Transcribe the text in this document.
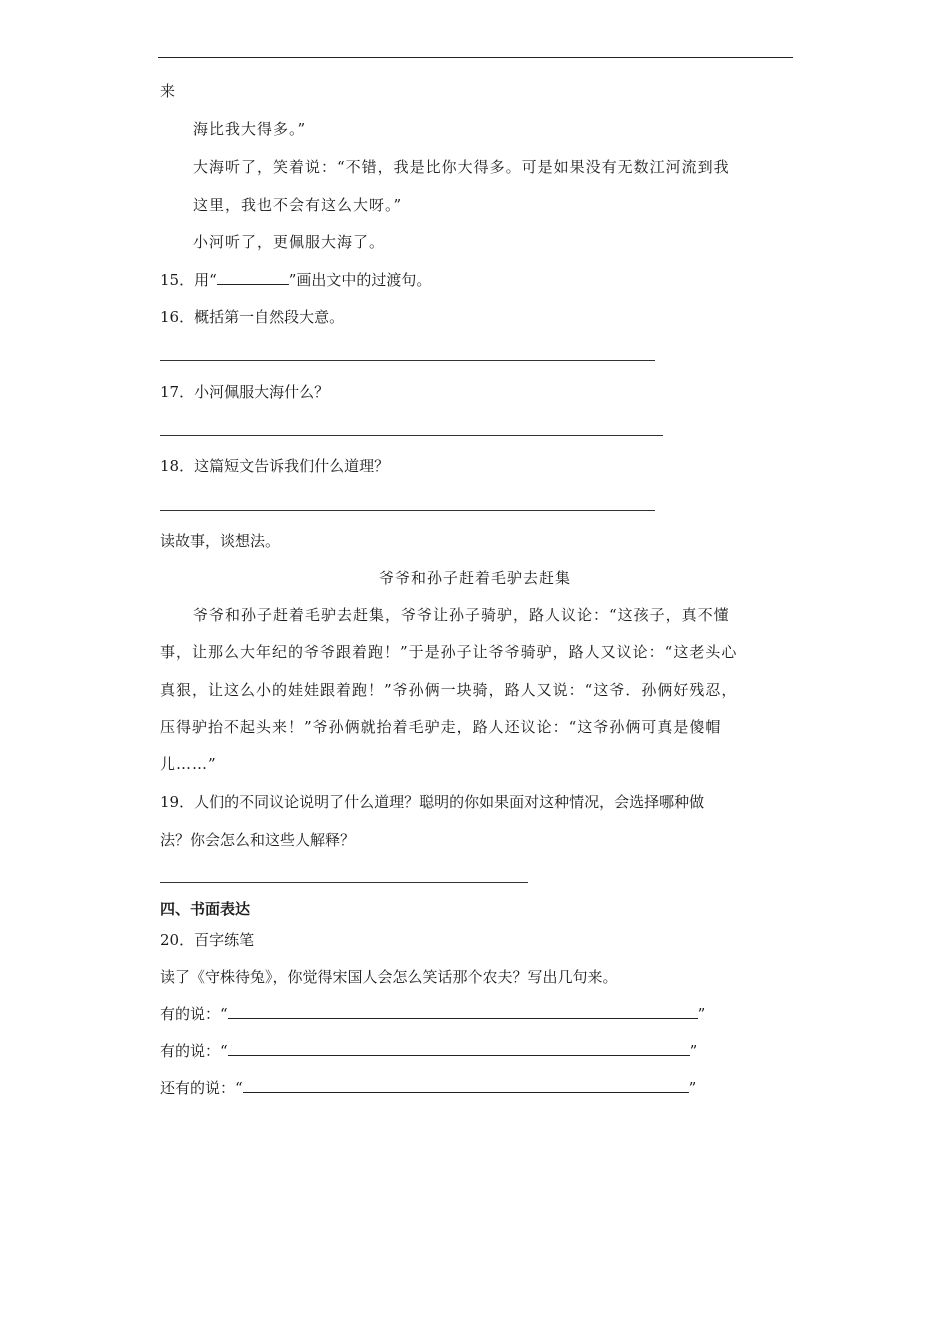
来
海比我大得多。”
大海听了，笑着说：“不错，我是比你大得多。可是如果没有无数江河流到我
这里，我也不会有这么大呀。”
小河听了，更佩服大海了。
15．用“	”画出文中的过渡句。
16．概括第一自然段大意。
17．小河佩服大海什么？
18．这篇短文告诉我们什么道理？
读故事，谈想法。
爷爷和孙子赶着毛驴去赶集
爷爷和孙子赶着毛驴去赶集，爷爷让孙子骑驴，路人议论：“这孩子，真不懂
事，让那么大年纪的爷爷跟着跑！”于是孙子让爷爷骑驴，路人又议论：“这老头心
真狠，让这么小的娃娃跟着跑！”爷孙俩一块骑，路人又说：“这爷．孙俩好残忍，
压得驴抬不起头来！”爷孙俩就抬着毛驴走，路人还议论：“这爷孙俩可真是傻帽
儿……”
19．人们的不同议论说明了什么道理？聪明的你如果面对这种情况，会选择哪种做
法？你会怎么和这些人解释？
四、书面表达
20．百字练笔
读了《守株待兔》，你觉得宋国人会怎么笑话那个农夫？写出几句来。
有的说：“	”
有的说：“	”
还有的说：“	”
